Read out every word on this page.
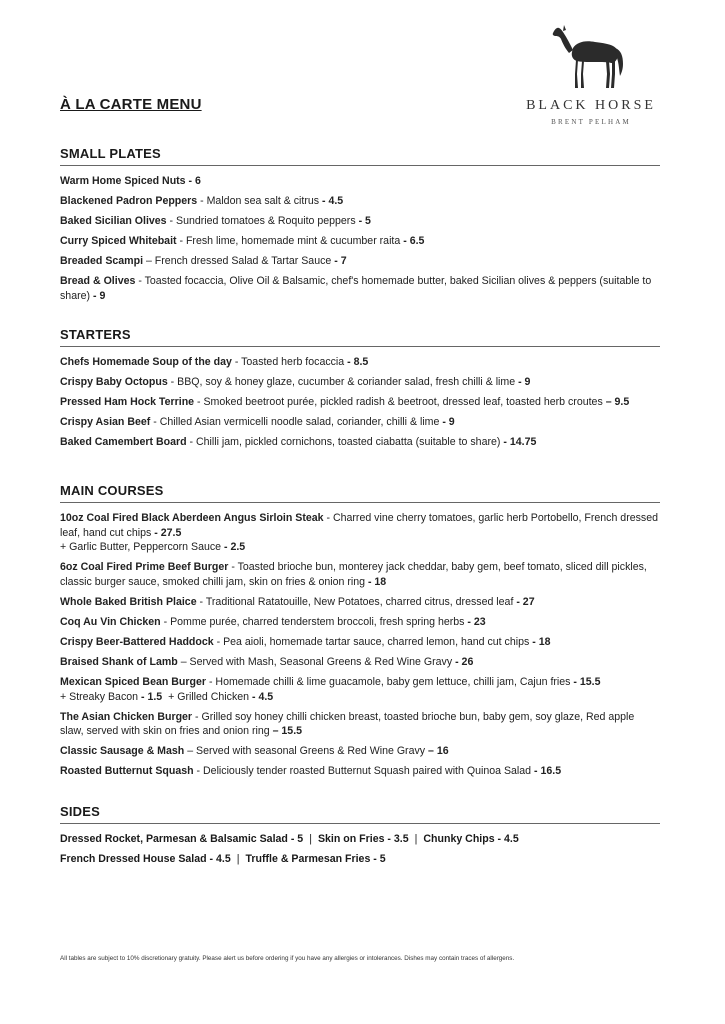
À LA CARTE MENU	BLACK HORSE
BRENT PELHAM
SMALL PLATES
Warm Home Spiced Nuts - 6
Blackened Padron Peppers - Maldon sea salt & citrus - 4.5
Baked Sicilian Olives - Sundried tomatoes & Roquito peppers - 5
Curry Spiced Whitebait - Fresh lime, homemade mint & cucumber raita - 6.5
Breaded Scampi – French dressed Salad & Tartar Sauce - 7
Bread & Olives - Toasted focaccia, Olive Oil & Balsamic, chef's homemade butter, baked Sicilian olives & peppers (suitable to share) - 9
STARTERS
Chefs Homemade Soup of the day - Toasted herb focaccia - 8.5
Crispy Baby Octopus - BBQ, soy & honey glaze, cucumber & coriander salad, fresh chilli & lime - 9
Pressed Ham Hock Terrine - Smoked beetroot purée, pickled radish & beetroot, dressed leaf, toasted herb croutes – 9.5
Crispy Asian Beef - Chilled Asian vermicelli noodle salad, coriander, chilli & lime - 9
Baked Camembert Board - Chilli jam, pickled cornichons, toasted ciabatta (suitable to share) - 14.75
MAIN COURSES
10oz Coal Fired Black Aberdeen Angus Sirloin Steak - Charred vine cherry tomatoes, garlic herb Portobello, French dressed leaf, hand cut chips - 27.5
+ Garlic Butter, Peppercorn Sauce - 2.5
6oz Coal Fired Prime Beef Burger - Toasted brioche bun, monterey jack cheddar, baby gem, beef tomato, sliced dill pickles, classic burger sauce, smoked chilli jam, skin on fries & onion ring - 18
Whole Baked British Plaice - Traditional Ratatouille, New Potatoes, charred citrus, dressed leaf - 27
Coq Au Vin Chicken - Pomme purée, charred tenderstem broccoli, fresh spring herbs - 23
Crispy Beer-Battered Haddock - Pea aioli, homemade tartar sauce, charred lemon, hand cut chips - 18
Braised Shank of Lamb – Served with Mash, Seasonal Greens & Red Wine Gravy - 26
Mexican Spiced Bean Burger - Homemade chilli & lime guacamole, baby gem lettuce, chilli jam, Cajun fries - 15.5
+ Streaky Bacon - 1.5  + Grilled Chicken - 4.5
The Asian Chicken Burger - Grilled soy honey chilli chicken breast, toasted brioche bun, baby gem, soy glaze, Red apple slaw, served with skin on fries and onion ring – 15.5
Classic Sausage & Mash – Served with seasonal Greens & Red Wine Gravy – 16
Roasted Butternut Squash - Deliciously tender roasted Butternut Squash paired with Quinoa Salad - 16.5
SIDES
Dressed Rocket, Parmesan & Balsamic Salad - 5 | Skin on Fries - 3.5 | Chunky Chips - 4.5
French Dressed House Salad - 4.5 | Truffle & Parmesan Fries - 5
All tables are subject to 10% discretionary gratuity. Please alert us before ordering if you have any allergies or intolerances. Dishes may contain traces of allergens.
